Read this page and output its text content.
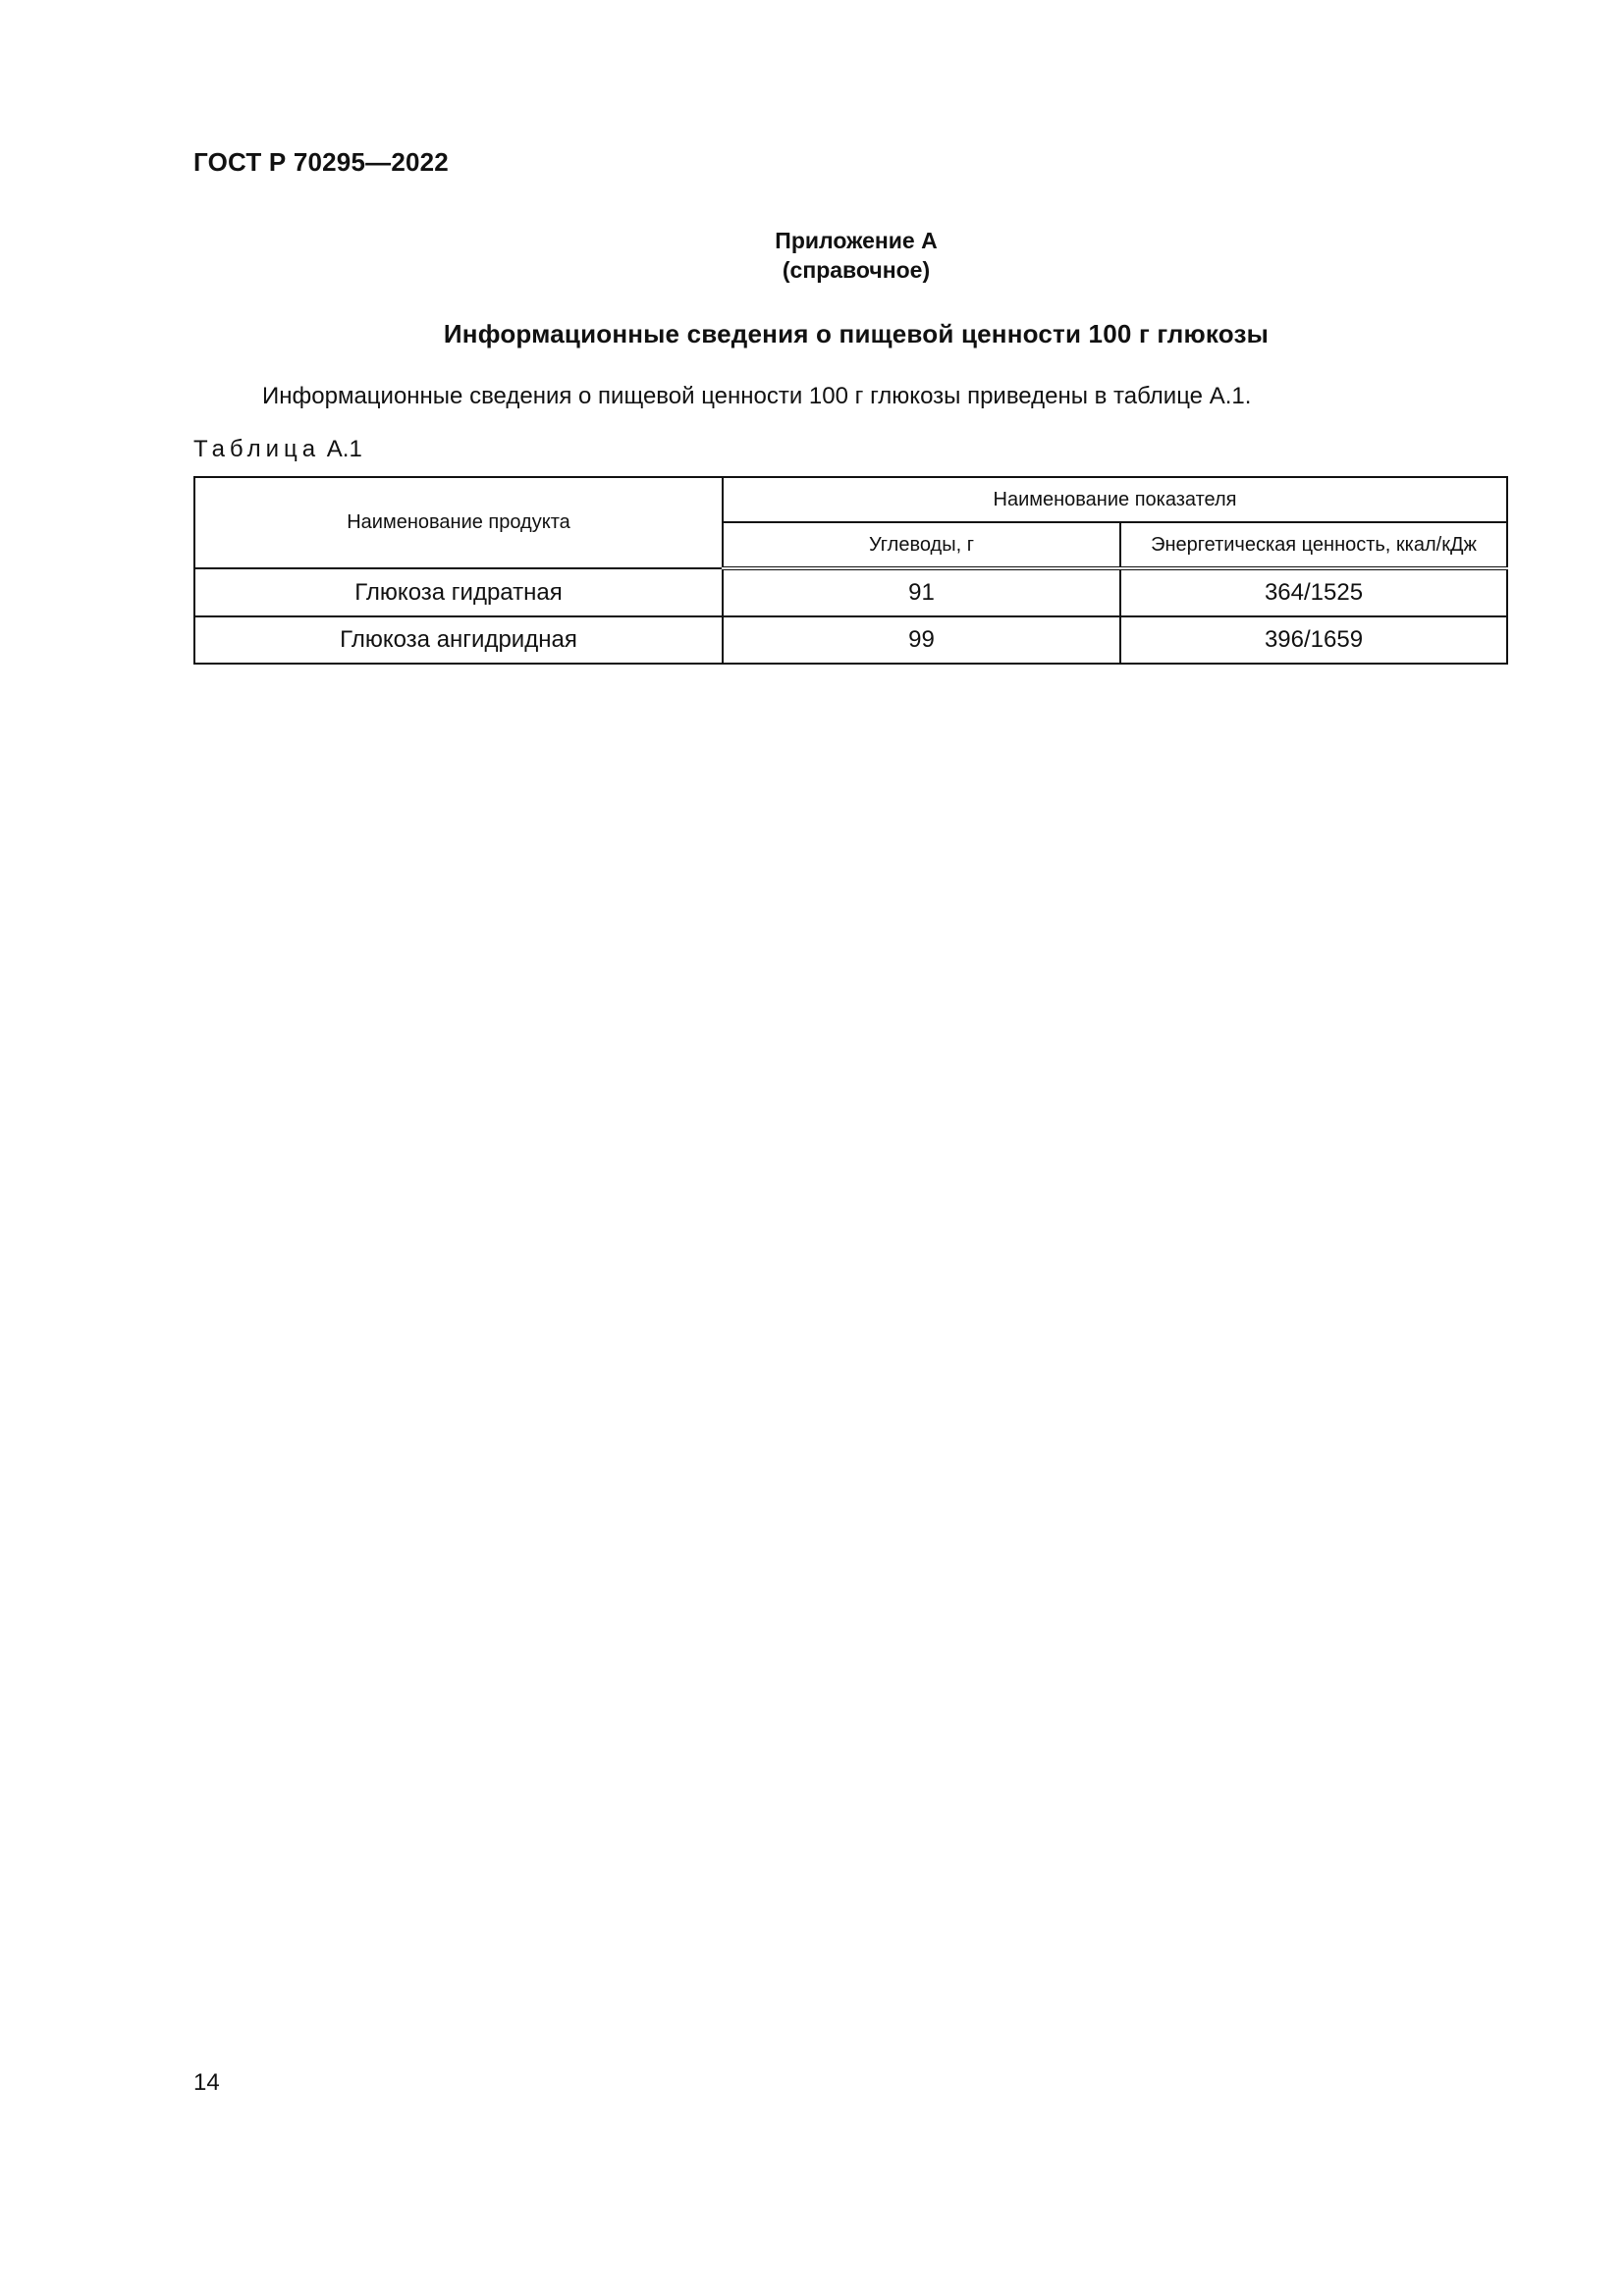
ГОСТ Р 70295—2022
Приложение А
(справочное)
Информационные сведения о пищевой ценности 100 г глюкозы
Информационные сведения о пищевой ценности 100 г глюкозы приведены в таблице А.1.
Таблица А.1
Наименование продукта	Наименование показателя	
	Углеводы, г	Энергетическая ценность, ккал/кДж
Глюкоза гидратная	91	364/1525
Глюкоза ангидридная	99	396/1659
14
